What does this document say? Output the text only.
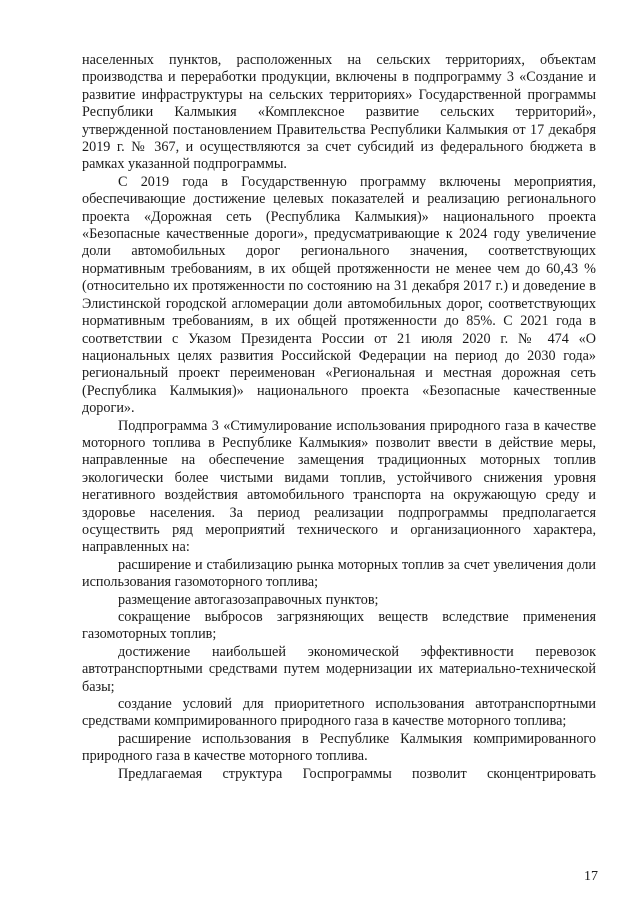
населенных пунктов, расположенных на сельских территориях, объектам производства и переработки продукции, включены в подпрограмму 3 «Создание и развитие инфраструктуры на сельских территориях» Государственной программы Республики Калмыкия «Комплексное развитие сельских территорий», утвержденной постановлением Правительства Республики Калмыкия от 17 декабря 2019 г. № 367, и осуществляются за счет субсидий из федерального бюджета в рамках указанной подпрограммы.

С 2019 года в Государственную программу включены мероприятия, обеспечивающие достижение целевых показателей и реализацию регионального проекта «Дорожная сеть (Республика Калмыкия)» национального проекта «Безопасные качественные дороги», предусматривающие к 2024 году увеличение доли автомобильных дорог регионального значения, соответствующих нормативным требованиям, в их общей протяженности не менее чем до 60,43 % (относительно их протяженности по состоянию на 31 декабря 2017 г.) и доведение в Элистинской городской агломерации доли автомобильных дорог, соответствующих нормативным требованиям, в их общей протяженности до 85%. С 2021 года в соответствии с Указом Президента России от 21 июля 2020 г. № 474 «О национальных целях развития Российской Федерации на период до 2030 года» региональный проект переименован «Региональная и местная дорожная сеть (Республика Калмыкия)» национального проекта «Безопасные качественные дороги».

Подпрограмма 3 «Стимулирование использования природного газа в качестве моторного топлива в Республике Калмыкия» позволит ввести в действие меры, направленные на обеспечение замещения традиционных моторных топлив экологически более чистыми видами топлив, устойчивого снижения уровня негативного воздействия автомобильного транспорта на окружающую среду и здоровье населения. За период реализации подпрограммы предполагается осуществить ряд мероприятий технического и организационного характера, направленных на:

расширение и стабилизацию рынка моторных топлив за счет увеличения доли использования газомоторного топлива;

размещение автогазозаправочных пунктов;

сокращение выбросов загрязняющих веществ вследствие применения газомоторных топлив;

достижение наибольшей экономической эффективности перевозок автотранспортными средствами путем модернизации их материально-технической базы;

создание условий для приоритетного использования автотранспортными средствами компримированного природного газа в качестве моторного топлива;

расширение использования в Республике Калмыкия компримированного природного газа в качестве моторного топлива.

Предлагаемая структура Госпрограммы позволит сконцентрировать

17
